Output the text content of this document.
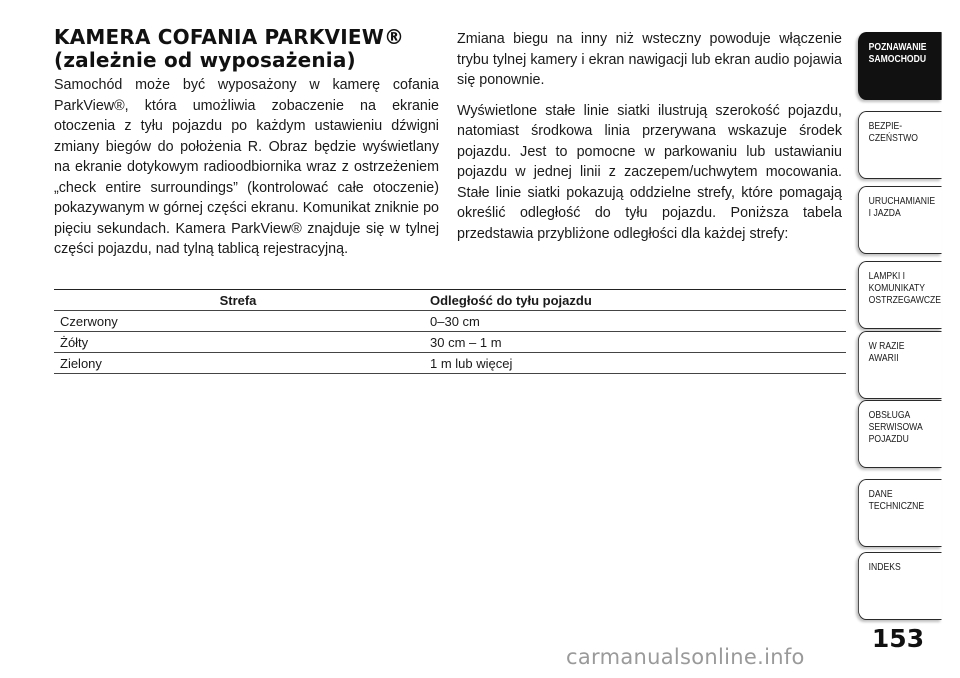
KAMERA COFANIA PARKVIEW®
(zależnie od wyposażenia)

Samochód może być wyposażony w kamerę cofania ParkView®, która umożliwia zobaczenie na ekranie otoczenia z tyłu pojazdu po każdym ustawieniu dźwigni zmiany biegów do położenia R. Obraz będzie wyświetlany na ekranie dotykowym radioodbiornika wraz z ostrzeżeniem „check entire surroundings” (kontrolować całe otoczenie) pokazywanym w górnej części ekranu. Komunikat zniknie po pięciu sekundach. Kamera ParkView® znajduje się w tylnej części pojazdu, nad tylną tablicą rejestracyjną.

Zmiana biegu na inny niż wsteczny powoduje włączenie trybu tylnej kamery i ekran nawigacji lub ekran audio pojawia się ponownie.

Wyświetlone stałe linie siatki ilustrują szerokość pojazdu, natomiast środkowa linia przerywana wskazuje środek pojazdu. Jest to pomocne w parkowaniu lub ustawianiu pojazdu w jednej linii z zaczepem/uchwytem mocowania. Stałe linie siatki pokazują oddzielne strefy, które pomagają określić odległość do tyłu pojazdu. Poniższa tabela przedstawia przybliżone odległości dla każdej strefy:

Strefa	Odległość do tyłu pojazdu
Czerwony	0–30 cm
Żółty	30 cm – 1 m
Zielony	1 m lub więcej
POZNAWANIE
SAMOCHODU
BEZPIE-
CZEŃSTWO
URUCHAMIANIE
I JAZDA
LAMPKI I
KOMUNIKATY
OSTRZEGAWCZE
W RAZIE
AWARII
OBSŁUGA
SERWISOWA
POJAZDU
DANE
TECHNICZNE
INDEKS
153
carmanualsonline.info
